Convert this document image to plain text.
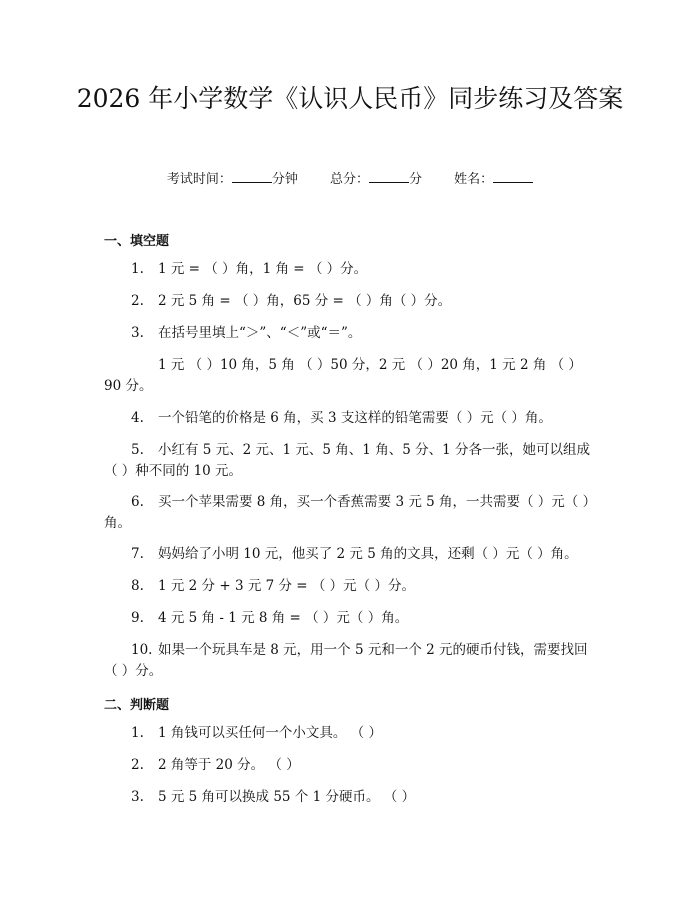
2026 年小学数学《认识人民币》同步练习及答案
考试时间：	分钟 总分：	分 姓名：
一、填空题
1. 1 元 = （ ）角，1 角 = （ ）分。
2. 2 元 5 角 = （ ）角，65 分 = （ ）角（ ）分。
3. 在括号里填上“＞”、“＜”或“＝”。
1 元 （ ）10 角，5 角 （ ）50 分，2 元 （ ）20 角，1 元 2 角 （ ）90 分。
4. 一个铅笔的价格是 6 角，买 3 支这样的铅笔需要（ ）元（ ）角。
5. 小红有 5 元、2 元、1 元、5 角、1 角、5 分、1 分各一张，她可以组成（ ）种不同的 10 元。
6. 买一个苹果需要 8 角，买一个香蕉需要 3 元 5 角，一共需要（ ）元（ ）角。
7. 妈妈给了小明 10 元，他买了 2 元 5 角的文具，还剩（ ）元（ ）角。
8. 1 元 2 分 + 3 元 7 分 = （ ）元（ ）分。
9. 4 元 5 角 - 1 元 8 角 = （ ）元（ ）角。
10. 如果一个玩具车是 8 元，用一个 5 元和一个 2 元的硬币付钱，需要找回（ ）分。
二、判断题
1. 1 角钱可以买任何一个小文具。 （ ）
2. 2 角等于 20 分。 （ ）
3. 5 元 5 角可以换成 55 个 1 分硬币。 （ ）
